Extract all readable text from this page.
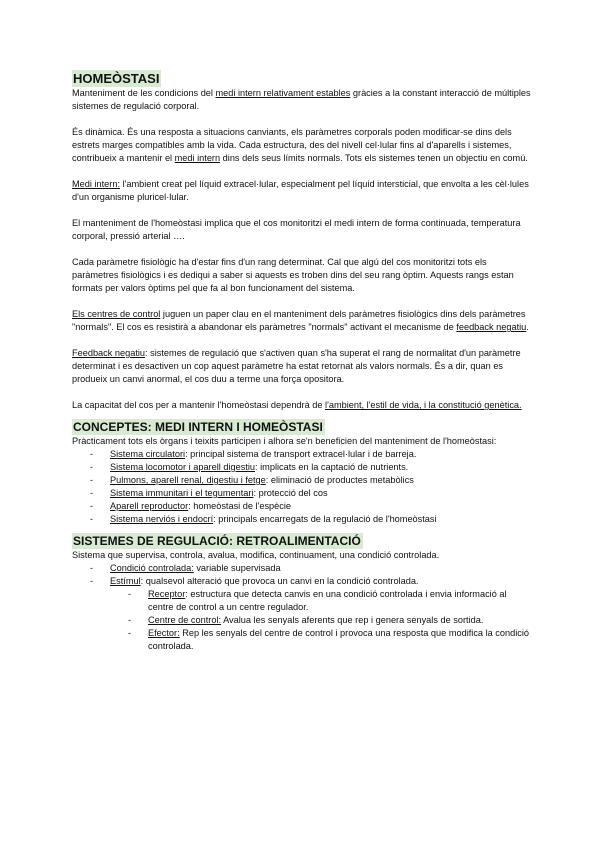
HOMEÒSTASI

Manteniment de les condicions del medi intern relativament estables gràcies a la constant interacció de múltiples sistemes de regulació corporal.

És dinàmica. És una resposta a situacions canviants, els paràmetres corporals poden modificar-se dins dels estrets marges compatibles amb la vida. Cada estructura, des del nivell cel·lular fins al d'aparells i sistemes, contribueix a mantenir el medi intern dins dels seus límits normals. Tots els sistemes tenen un objectiu en comú.

Medi intern: l'ambient creat pel líquid extracel·lular, especialment pel líquid intersticial, que envolta a les cèl·lules d'un organisme pluricel·lular.

El manteniment de l'homeòstasi implica que el cos monitoritzi el medi intern de forma continuada, temperatura corporal, pressió arterial ….

Cada paràmetre fisiològic ha d'estar fins d'un rang determinat. Cal que algú del cos monitoritzi tots els paràmetres fisiològics i es dediqui a saber si aquests es troben dins del seu rang òptim. Aquests rangs estan formats per valors òptims pel que fa al bon funcionament del sistema.

Els centres de control juguen un paper clau en el manteniment dels paràmetres fisiològics dins dels paràmetres "normals". El cos es resistirà a abandonar els paràmetres "normals" activant el mecanisme de feedback negatiu.

Feedback negatiu: sistemes de regulació que s'activen quan s'ha superat el rang de normalitat d'un paràmetre determinat i es desactiven un cop aquest paràmetre ha estat retornat als valors normals. És a dir, quan es produeix un canvi anormal, el cos duu a terme una força opositora.

La capacitat del cos per a mantenir l'homeòstasi dependrà de l'ambient, l'estil de vida, i la constitució genètica.

CONCEPTES: MEDI INTERN I HOMEÒSTASI

Pràcticament tots els òrgans i teixits participen i alhora se'n beneficien del manteniment de l'homeòstasi:

- Sistema circulatori: principal sistema de transport extracel·lular i de barreja.
- Sistema locomotor i aparell digestiu: implicats en la captació de nutrients.
- Pulmons, aparell renal, digestiu i fetge: eliminació de productes metabòlics
- Sistema immunitari i el tegumentari: protecció del cos
- Aparell reproductor: homeòstasi de l'espècie
- Sistema nerviós i endocrí: principals encarregats de la regulació de l'homeòstasi
SISTEMES DE REGULACIÓ: RETROALIMENTACIÓ

Sistema que supervisa, controla, avalua, modifica, continuament, una condició controlada.

- Condició controlada: variable supervisada
- Estímul: qualsevol alteració que provoca un canvi en la condició controlada.
- Receptor: estructura que detecta canvis en una condició controlada i envia informació al centre de control a un centre regulador.
- Centre de control: Avalua les senyals aferents que rep i genera senyals de sortida.
- Efector: Rep les senyals del centre de control i provoca una resposta que modifica la condició controlada.
